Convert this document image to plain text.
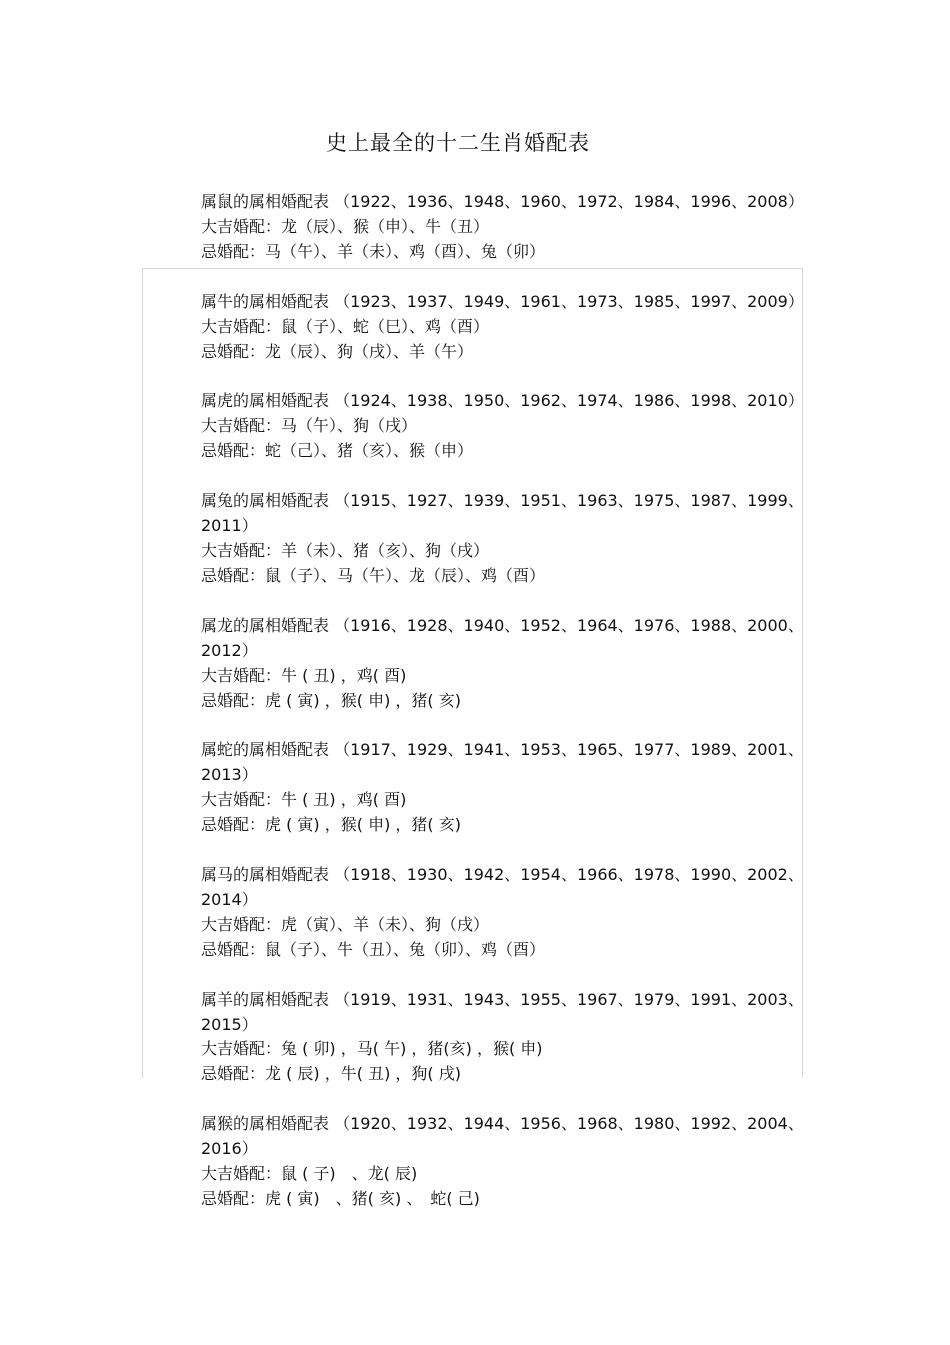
史上最全的十二生肖婚配表
属鼠的属相婚配表 （1922、1936、1948、1960、1972、1984、1996、2008）
大吉婚配：龙（辰）、猴（申）、牛（丑）
忌婚配：马（午）、羊（未）、鸡（酉）、兔（卯）
属牛的属相婚配表 （1923、1937、1949、1961、1973、1985、1997、2009）
大吉婚配：鼠（子）、蛇（巳）、鸡（酉）
忌婚配：龙（辰）、狗（戌）、羊（午）
属虎的属相婚配表 （1924、1938、1950、1962、1974、1986、1998、2010）
大吉婚配：马（午）、狗（戌）
忌婚配：蛇（己）、猪（亥）、猴（申）
属兔的属相婚配表 （1915、1927、1939、1951、1963、1975、1987、1999、
2011）
大吉婚配：羊（未）、猪（亥）、狗（戌）
忌婚配：鼠（子）、马（午）、龙（辰）、鸡（酉）
属龙的属相婚配表 （1916、1928、1940、1952、1964、1976、1988、2000、
2012）
大吉婚配：牛 ( 丑) ，鸡( 酉)
忌婚配：虎 ( 寅) ，猴( 申) ，猪( 亥)
属蛇的属相婚配表 （1917、1929、1941、1953、1965、1977、1989、2001、
2013）
大吉婚配：牛 ( 丑) ，鸡( 酉)
忌婚配：虎 ( 寅) ，猴( 申) ，猪( 亥)
属马的属相婚配表 （1918、1930、1942、1954、1966、1978、1990、2002、
2014）
大吉婚配：虎（寅）、羊（未）、狗（戌）
忌婚配：鼠（子）、牛（丑）、兔（卯）、鸡（酉）
属羊的属相婚配表 （1919、1931、1943、1955、1967、1979、1991、2003、
2015）
大吉婚配：兔 ( 卯) ，马( 午) ，猪(亥) ，猴( 申)
忌婚配：龙 ( 辰) ，牛( 丑) ，狗( 戌)
属猴的属相婚配表 （1920、1932、1944、1956、1968、1980、1992、2004、
2016）
大吉婚配：鼠 ( 子)　、龙( 辰)
忌婚配：虎 ( 寅)　、猪( 亥) 、　蛇( 己)
